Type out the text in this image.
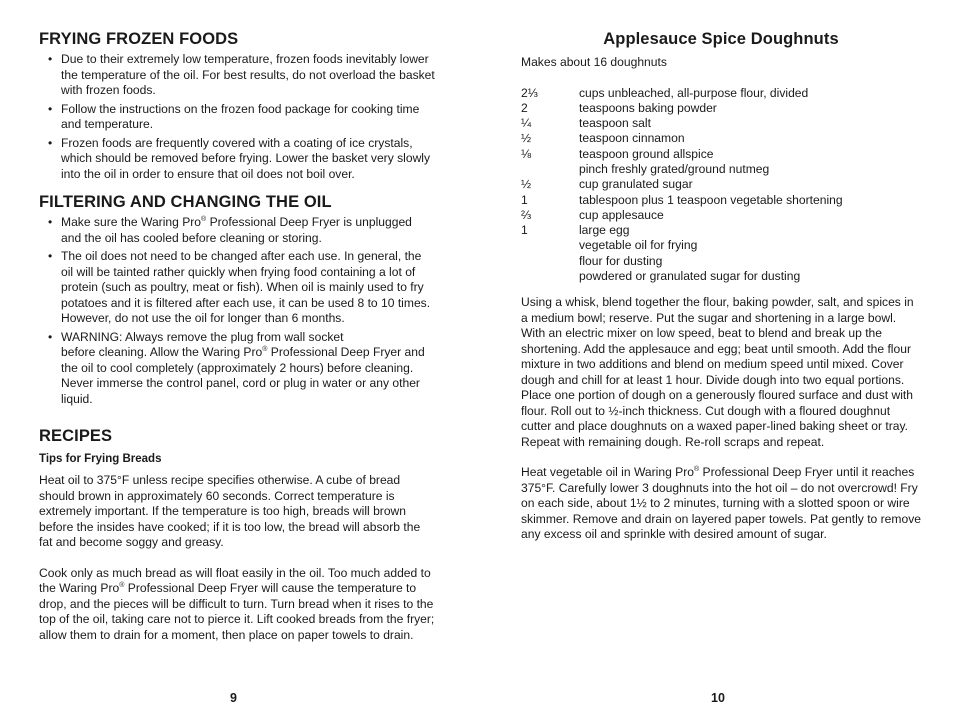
FRYING FROZEN FOODS
• Due to their extremely low temperature, frozen foods inevitably lower the temperature of the oil. For best results, do not overload the basket with frozen foods.
• Follow the instructions on the frozen food package for cooking time and temperature.
• Frozen foods are frequently covered with a coating of ice crystals, which should be removed before frying. Lower the basket very slowly into the oil in order to ensure that oil does not boil over.
FILTERING AND CHANGING THE OIL
• Make sure the Waring Pro® Professional Deep Fryer is unplugged and the oil has cooled before cleaning or storing.
• The oil does not need to be changed after each use. In general, the oil will be tainted rather quickly when frying food containing a lot of protein (such as poultry, meat or fish). When oil is mainly used to fry potatoes and it is filtered after each use, it can be used 8 to 10 times. However, do not use the oil for longer than 6 months.
• WARNING: Always remove the plug from wall socket
before cleaning. Allow the Waring Pro® Professional Deep Fryer and the oil to cool completely (approximately 2 hours) before cleaning. Never immerse the control panel, cord or plug in water or any other liquid.
RECIPES
Tips for Frying Breads

Heat oil to 375°F unless recipe specifies otherwise. A cube of bread should brown in approximately 60 seconds. Correct temperature is extremely important. If the temperature is too high, breads will brown before the insides have cooked; if it is too low, the bread will absorb the fat and become soggy and greasy.

Cook only as much bread as will float easily in the oil. Too much added to the Waring Pro® Professional Deep Fryer will cause the temperature to drop, and the pieces will be difficult to turn. Turn bread when it rises to the top of the oil, taking care not to pierce it. Lift cooked breads from the fryer; allow them to drain for a moment, then place on paper towels to drain.

9
Applesauce Spice Doughnuts
Makes about 16 doughnuts
2⅓	cups unbleached, all-purpose flour, divided
2	teaspoons baking powder
¼	teaspoon salt
½	teaspoon cinnamon
⅛	teaspoon ground allspice
	pinch freshly grated/ground nutmeg
½	cup granulated sugar
1	tablespoon plus 1 teaspoon vegetable shortening
⅔	cup applesauce
1	large egg
	vegetable oil for frying
	flour for dusting
	powdered or granulated sugar for dusting

Using a whisk, blend together the flour, baking powder, salt, and spices in a medium bowl; reserve. Put the sugar and shortening in a large bowl. With an electric mixer on low speed, beat to blend and break up the shortening. Add the applesauce and egg; beat until smooth. Add the flour mixture in two additions and blend on medium speed until mixed. Cover dough and chill for at least 1 hour. Divide dough into two equal portions. Place one portion of dough on a generously floured surface and dust with flour. Roll out to ½-inch thickness. Cut dough with a floured doughnut cutter and place doughnuts on a waxed paper-lined baking sheet or tray. Repeat with remaining dough. Re-roll scraps and repeat.

Heat vegetable oil in Waring Pro® Professional Deep Fryer until it reaches 375°F. Carefully lower 3 doughnuts into the hot oil – do not overcrowd! Fry on each side, about 1½ to 2 minutes, turning with a slotted spoon or wire skimmer. Remove and drain on layered paper towels. Pat gently to remove any excess oil and sprinkle with desired amount of sugar.

10
